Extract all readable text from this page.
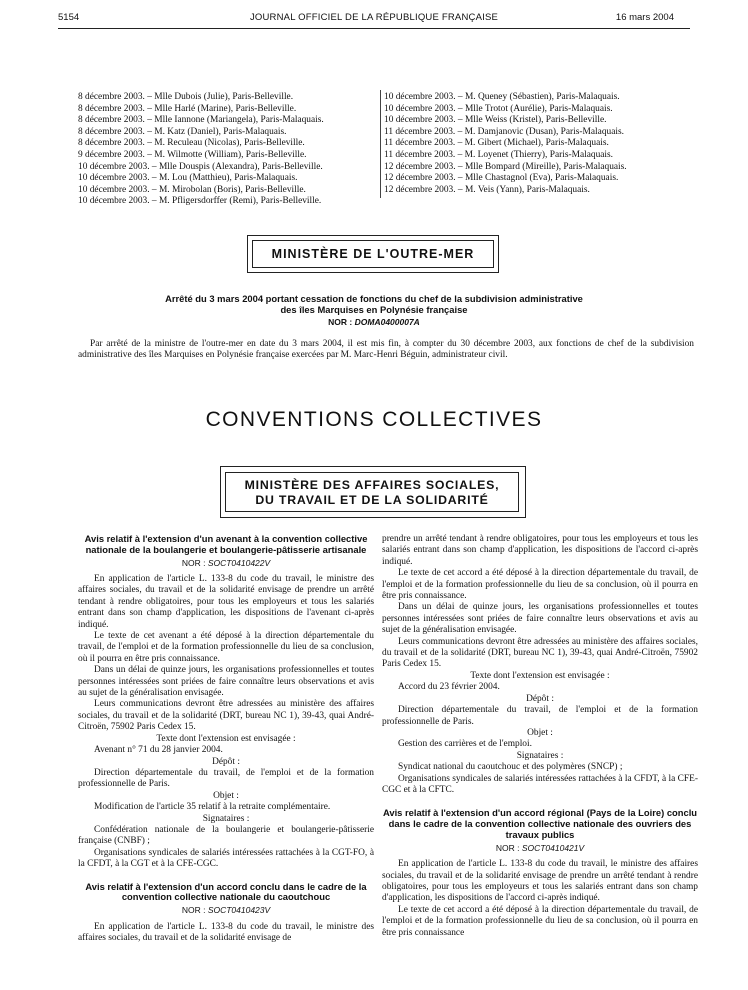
5154	JOURNAL OFFICIEL DE LA RÉPUBLIQUE FRANÇAISE	16 mars 2004
8 décembre 2003. – Mlle Dubois (Julie), Paris-Belleville.
8 décembre 2003. – Mlle Harlé (Marine), Paris-Belleville.
8 décembre 2003. – Mlle Iannone (Mariangela), Paris-Malaquais.
8 décembre 2003. – M. Katz (Daniel), Paris-Malaquais.
8 décembre 2003. – M. Reculeau (Nicolas), Paris-Belleville.
9 décembre 2003. – M. Wilmotte (William), Paris-Belleville.
10 décembre 2003. – Mlle Douspis (Alexandra), Paris-Belleville.
10 décembre 2003. – M. Lou (Matthieu), Paris-Malaquais.
10 décembre 2003. – M. Mirobolan (Boris), Paris-Belleville.
10 décembre 2003. – M. Pfligersdorffer (Remi), Paris-Belleville.
10 décembre 2003. – M. Queney (Sébastien), Paris-Malaquais.
10 décembre 2003. – Mlle Trotot (Aurélie), Paris-Malaquais.
10 décembre 2003. – Mlle Weiss (Kristel), Paris-Belleville.
11 décembre 2003. – M. Damjanovic (Dusan), Paris-Malaquais.
11 décembre 2003. – M. Gibert (Michael), Paris-Malaquais.
11 décembre 2003. – M. Loyenet (Thierry), Paris-Malaquais.
12 décembre 2003. – Mlle Bompard (Mireille), Paris-Malaquais.
12 décembre 2003. – Mlle Chastagnol (Eva), Paris-Malaquais.
12 décembre 2003. – M. Veis (Yann), Paris-Malaquais.
MINISTÈRE DE L'OUTRE-MER
Arrêté du 3 mars 2004 portant cessation de fonctions du chef de la subdivision administrative
des îles Marquises en Polynésie française
NOR : DOMA0400007A
Par arrêté de la ministre de l'outre-mer en date du 3 mars 2004, il est mis fin, à compter du 30 décembre 2003, aux fonctions de chef de la subdivision administrative des îles Marquises en Polynésie française exercées par M. Marc-Henri Béguin, administrateur civil.
CONVENTIONS COLLECTIVES
MINISTÈRE DES AFFAIRES SOCIALES,
DU TRAVAIL ET DE LA SOLIDARITÉ
Avis relatif à l'extension d'un avenant à la convention collective nationale de la boulangerie et boulangerie-pâtisserie artisanale
NOR : SOCT0410422V

En application de l'article L. 133-8 du code du travail, le ministre des affaires sociales, du travail et de la solidarité envisage de prendre un arrêté tendant à rendre obligatoires, pour tous les employeurs et tous les salariés entrant dans son champ d'application, les dispositions de l'avenant ci-après indiqué.

Le texte de cet avenant a été déposé à la direction départementale du travail, de l'emploi et de la formation professionnelle du lieu de sa conclusion, où il pourra en être pris connaissance.

Dans un délai de quinze jours, les organisations professionnelles et toutes personnes intéressées sont priées de faire connaître leurs observations et avis au sujet de la généralisation envisagée.

Leurs communications devront être adressées au ministère des affaires sociales, du travail et de la solidarité (DRT, bureau NC 1), 39-43, quai André-Citroën, 75902 Paris Cedex 15.

Texte dont l'extension est envisagée :

Avenant n° 71 du 28 janvier 2004.

Dépôt :

Direction départementale du travail, de l'emploi et de la formation professionnelle de Paris.

Objet :

Modification de l'article 35 relatif à la retraite complémentaire.

Signataires :

Confédération nationale de la boulangerie et boulangerie-pâtisserie française (CNBF) ;

Organisations syndicales de salariés intéressées rattachées à la CGT-FO, à la CFDT, à la CGT et à la CFE-CGC.

Avis relatif à l'extension d'un accord conclu dans le cadre de la convention collective nationale du caoutchouc
NOR : SOCT0410423V

En application de l'article L. 133-8 du code du travail, le ministre des affaires sociales, du travail et de la solidarité envisage de

prendre un arrêté tendant à rendre obligatoires, pour tous les employeurs et tous les salariés entrant dans son champ d'application, les dispositions de l'accord ci-après indiqué.

Le texte de cet accord a été déposé à la direction départementale du travail, de l'emploi et de la formation professionnelle du lieu de sa conclusion, où il pourra en être pris connaissance.

Dans un délai de quinze jours, les organisations professionnelles et toutes personnes intéressées sont priées de faire connaître leurs observations et avis au sujet de la généralisation envisagée.

Leurs communications devront être adressées au ministère des affaires sociales, du travail et de la solidarité (DRT, bureau NC 1), 39-43, quai André-Citroën, 75902 Paris Cedex 15.

Texte dont l'extension est envisagée :

Accord du 23 février 2004.

Dépôt :

Direction départementale du travail, de l'emploi et de la formation professionnelle de Paris.

Objet :

Gestion des carrières et de l'emploi.

Signataires :

Syndicat national du caoutchouc et des polymères (SNCP) ;

Organisations syndicales de salariés intéressées rattachées à la CFDT, à la CFE-CGC et à la CFTC.

Avis relatif à l'extension d'un accord régional (Pays de la Loire) conclu dans le cadre de la convention collective nationale des ouvriers des travaux publics
NOR : SOCT0410421V

En application de l'article L. 133-8 du code du travail, le ministre des affaires sociales, du travail et de la solidarité envisage de prendre un arrêté tendant à rendre obligatoires, pour tous les employeurs et tous les salariés entrant dans son champ d'application, les dispositions de l'accord ci-après indiqué.

Le texte de cet accord a été déposé à la direction départementale du travail, de l'emploi et de la formation professionnelle du lieu de sa conclusion, où il pourra en être pris connaissance
